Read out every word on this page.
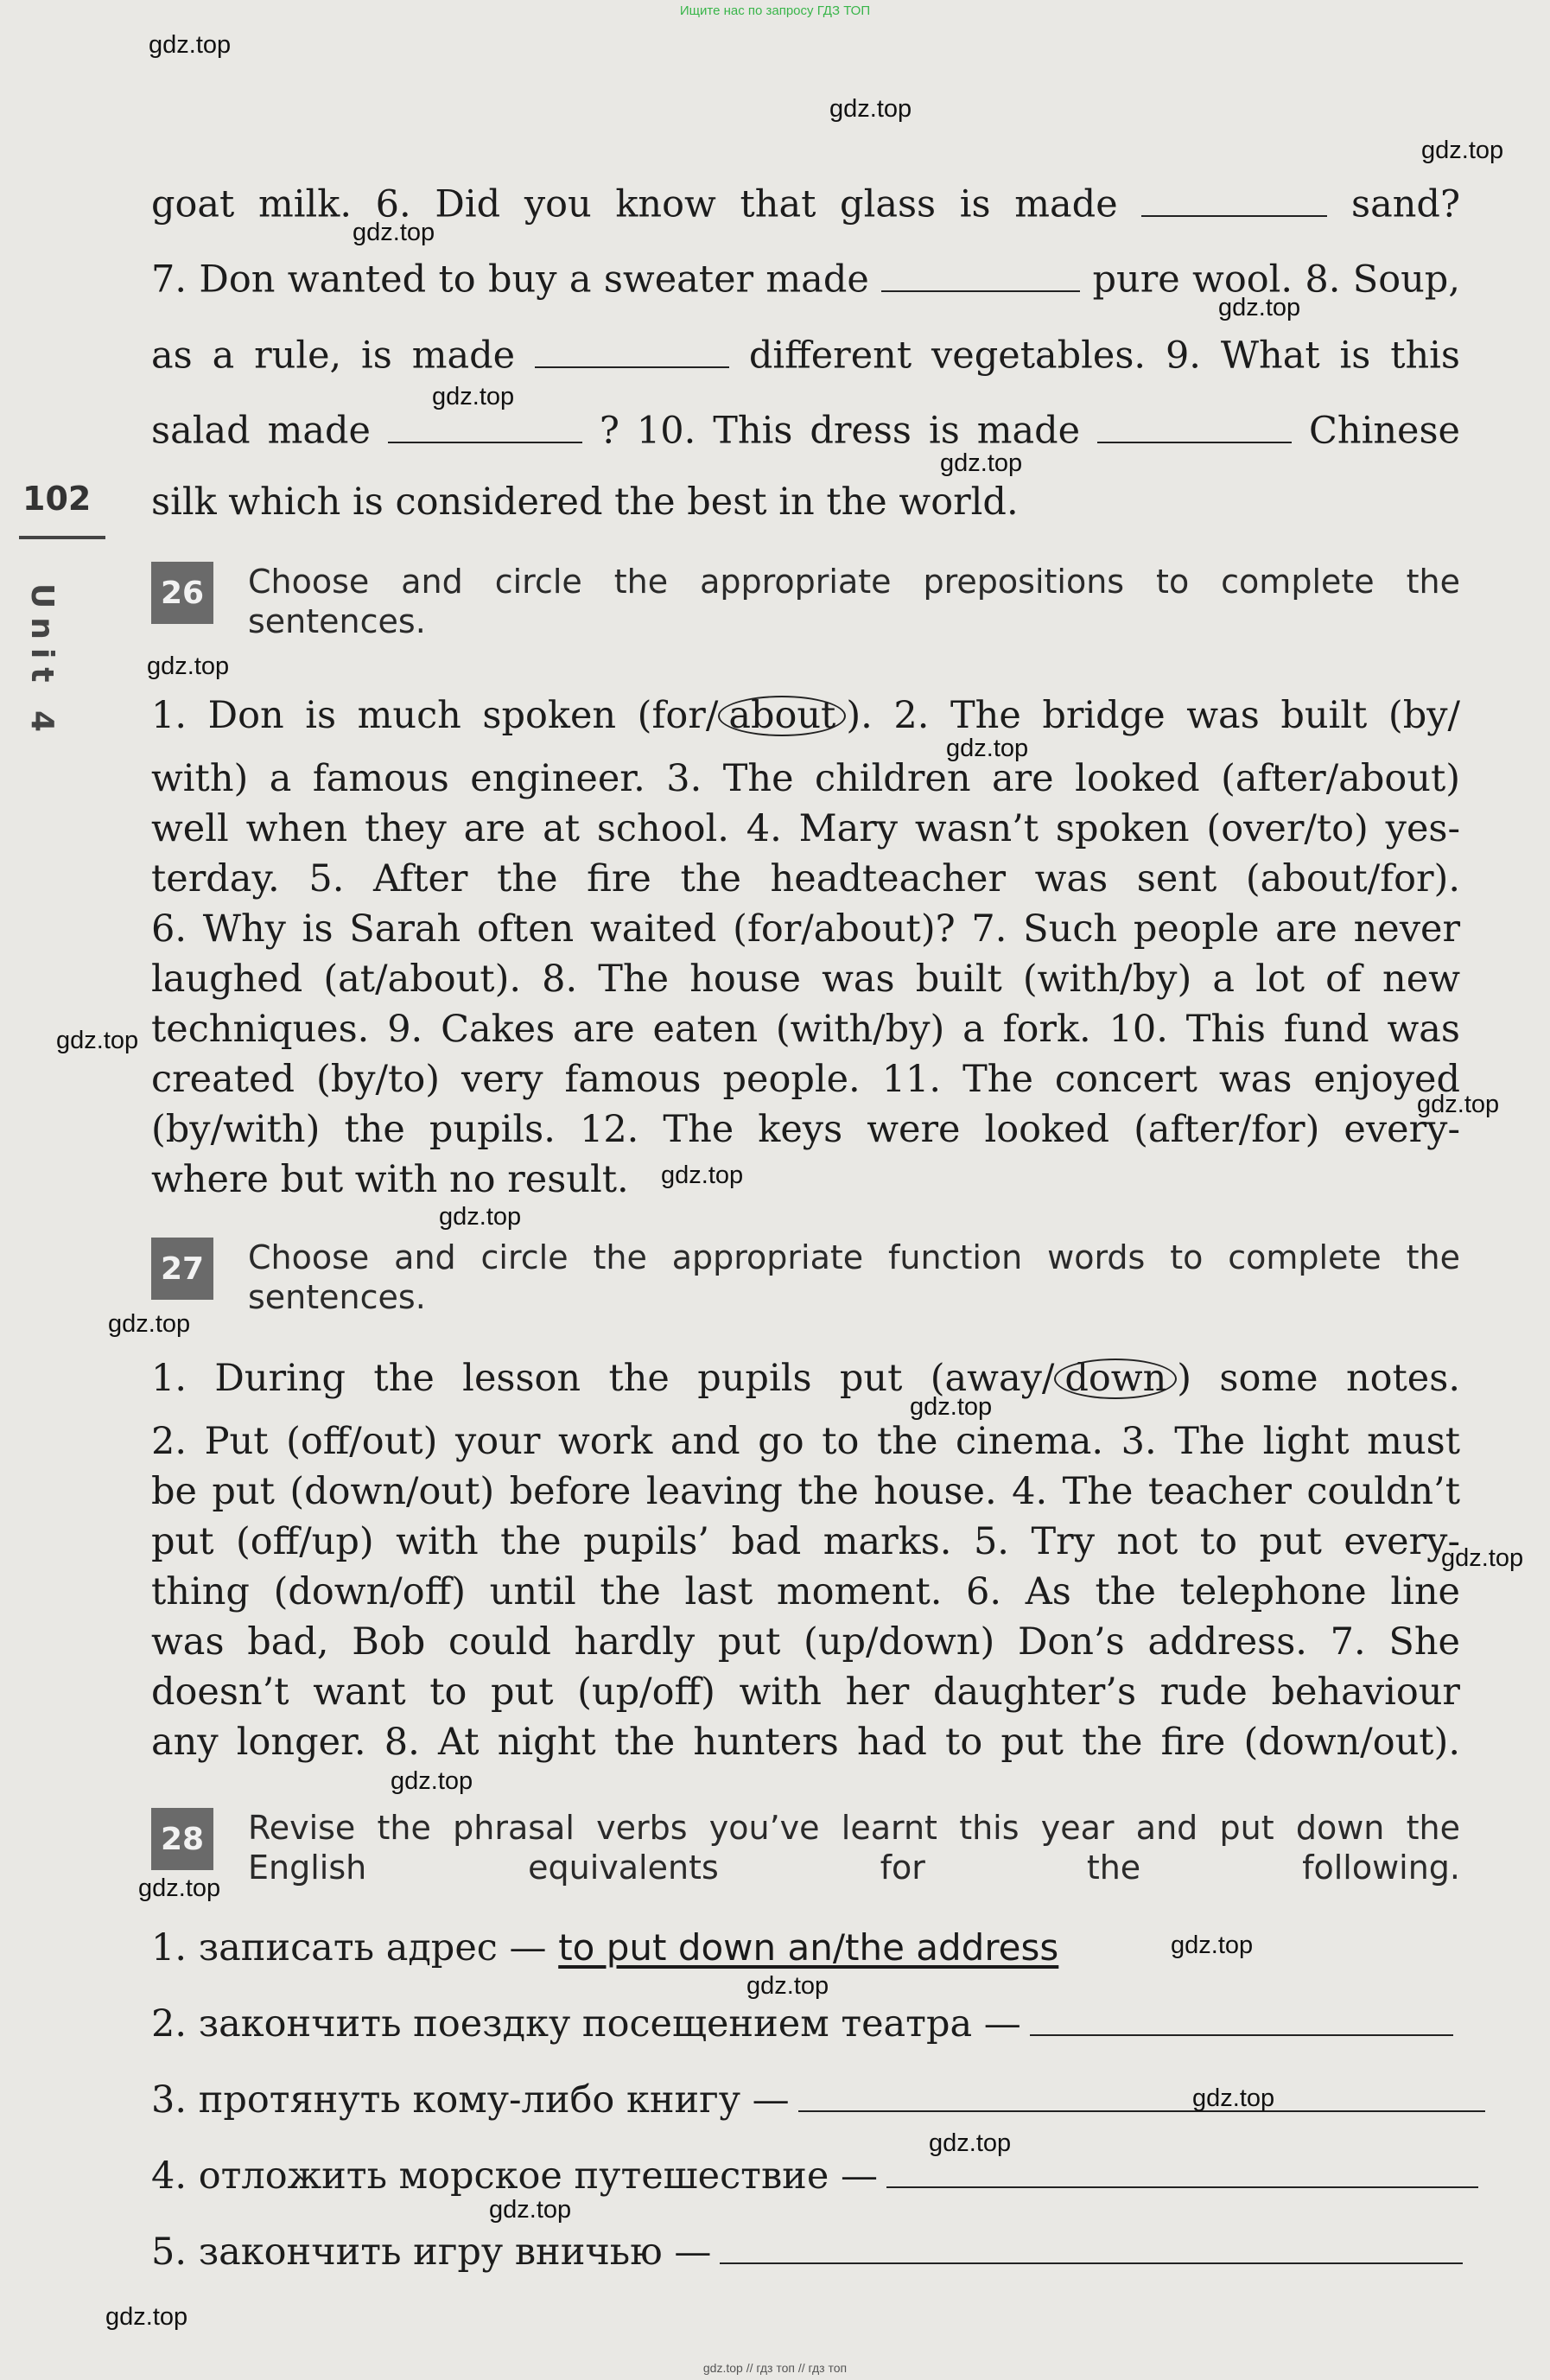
Ищите нас по запросу ГДЗ ТОП
102
Unit 4
goat milk. 6. Did you know that glass is made	sand?
7. Don wanted to buy a sweater made	pure wool. 8. Soup,
as a rule, is made	different vegetables. 9. What is this
salad made	? 10. This dress is made	Chinese
silk which is considered the best in the world.
26 Choose and circle the appropriate prepositions to complete the sentences.
1. Don is much spoken (for/ about ). 2. The bridge was built (by/
with) a famous engineer. 3. The children are looked (after/about)
well when they are at school. 4. Mary wasn’t spoken (over/to) yes-
terday. 5. After the fire the headteacher was sent (about/for).
6. Why is Sarah often waited (for/about)? 7. Such people are never
laughed (at/about). 8. The house was built (with/by) a lot of new
techniques. 9. Cakes are eaten (with/by) a fork. 10. This fund was
created (by/to) very famous people. 11. The concert was enjoyed
(by/with) the pupils. 12. The keys were looked (after/for) every-
where but with no result.
27 Choose and circle the appropriate function words to complete the sentences.
1. During the lesson the pupils put (away/ down ) some notes.
2. Put (off/out) your work and go to the cinema. 3. The light must
be put (down/out) before leaving the house. 4. The teacher couldn’t
put (off/up) with the pupils’ bad marks. 5. Try not to put every-
thing (down/off) until the last moment. 6. As the telephone line
was bad, Bob could hardly put (up/down) Don’s address. 7. She
doesn’t want to put (up/off) with her daughter’s rude behaviour
any longer. 8. At night the hunters had to put the fire (down/out).
28 Revise the phrasal verbs you’ve learnt this year and put down the English equivalents for the following.
1. записать адрес — to put down an/the address
2. закончить поездку посещением театра —
3. протянуть кому-либо книгу —
4. отложить морское путешествие —
5. закончить игру вничью —
gdz.top
gdz.top
gdz.top
gdz.top
gdz.top
gdz.top
gdz.top
gdz.top
gdz.top
gdz.top
gdz.top
gdz.top
gdz.top
gdz.top
gdz.top
gdz.top
gdz.top
gdz.top
gdz.top
gdz.top
gdz.top
gdz.top
gdz.top
gdz.top
gdz.top // гдз топ // гдз топ
